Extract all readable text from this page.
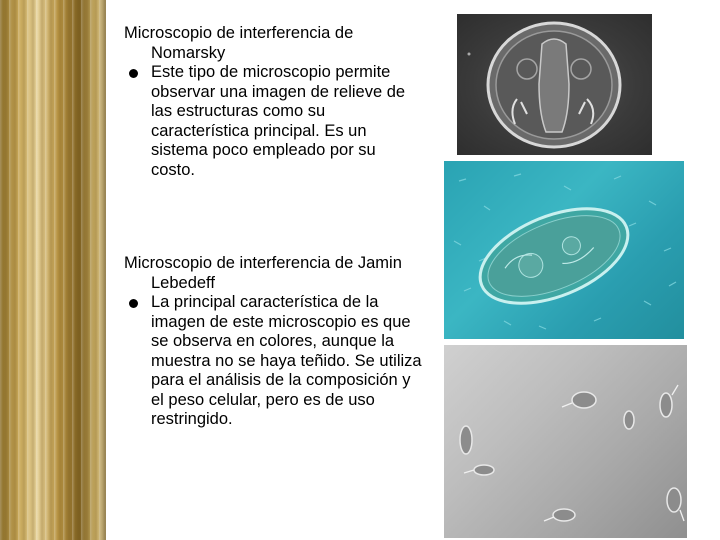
Microscopio de interferencia de Nomarsky
Este tipo de microscopio permite observar una imagen de relieve de las estructuras como su característica principal. Es un sistema poco empleado por su costo.
Microscopio de interferencia de Jamin Lebedeff
La principal característica de la imagen de este microscopio es que se observa en colores, aunque la muestra no se haya teñido. Se utiliza para el análisis de la composición y el peso celular, pero es de uso restringido.
